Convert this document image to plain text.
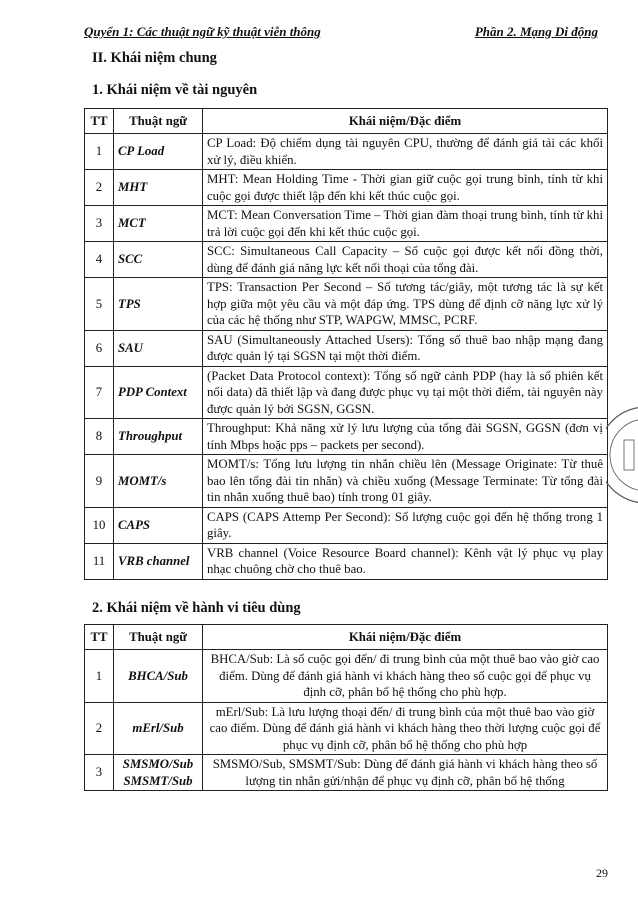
Quyển 1: Các thuật ngữ kỹ thuật viễn thông	Phần 2. Mạng Di động
II. Khái niệm chung
1. Khái niệm về tài nguyên
TT	Thuật ngữ	Khái niệm/Đặc điểm
1	CP Load	CP Load: Độ chiếm dụng tài nguyên CPU, thường để đánh giá tải các khối xử lý, điều khiển.
2	MHT	MHT: Mean Holding Time - Thời gian giữ cuộc gọi trung bình, tính từ khi cuộc gọi được thiết lập đến khi kết thúc cuộc gọi.
3	MCT	MCT: Mean Conversation Time – Thời gian đàm thoại trung bình, tính từ khi trả lời cuộc gọi đến khi kết thúc cuộc gọi.
4	SCC	SCC: Simultaneous Call Capacity – Số cuộc gọi được kết nối đồng thời, dùng để đánh giá năng lực kết nối thoại của tổng đài.
5	TPS	TPS: Transaction Per Second – Số tương tác/giây, một tương tác là sự kết hợp giữa một yêu cầu và một đáp ứng. TPS dùng để định cỡ năng lực xử lý của các hệ thống như STP, WAPGW, MMSC, PCRF.
6	SAU	SAU (Simultaneously Attached Users): Tổng số thuê bao nhập mạng đang được quản lý tại SGSN tại một thời điểm.
7	PDP Context	(Packet Data Protocol context): Tổng số ngữ cảnh PDP (hay là số phiên kết nối data) đã thiết lập và đang được phục vụ tại một thời điểm, tài nguyên này được quản lý bởi SGSN, GGSN.
8	Throughput	Throughput: Khả năng xử lý lưu lượng của tổng đài SGSN, GGSN (đơn vị tính Mbps hoặc pps – packets per second).
9	MOMT/s	MOMT/s: Tổng lưu lượng tin nhắn chiều lên (Message Originate: Từ thuê bao lên tổng đài tin nhắn) và chiều xuống (Message Terminate: Từ tổng đài tin nhắn xuống thuê bao) tính trong 01 giây.
10	CAPS	CAPS (CAPS Attemp Per Second): Số lượng cuộc gọi đến hệ thống trong 1 giây.
11	VRB channel	VRB channel (Voice Resource Board channel): Kênh vật lý phục vụ play nhạc chuông chờ cho thuê bao.
2. Khái niệm về hành vi tiêu dùng
TT	Thuật ngữ	Khái niệm/Đặc điểm
1	BHCA/Sub	BHCA/Sub: Là số cuộc gọi đến/ đi trung bình của một thuê bao vào giờ cao điểm. Dùng để đánh giá hành vi khách hàng theo số cuộc gọi để phục vụ định cỡ, phân bổ hệ thống cho phù hợp.
2	mErl/Sub	mErl/Sub: Là lưu lượng thoại đến/ đi trung bình của một thuê bao vào giờ cao điểm. Dùng để đánh giá hành vi khách hàng theo thời lượng cuộc gọi để phục vụ định cỡ, phân bổ hệ thống cho phù hợp
3	SMSMO/Sub SMSMT/Sub	SMSMO/Sub, SMSMT/Sub: Dùng để đánh giá hành vi khách hàng theo số lượng tin nhắn gửi/nhận để phục vụ định cỡ, phân bổ hệ thống
29
